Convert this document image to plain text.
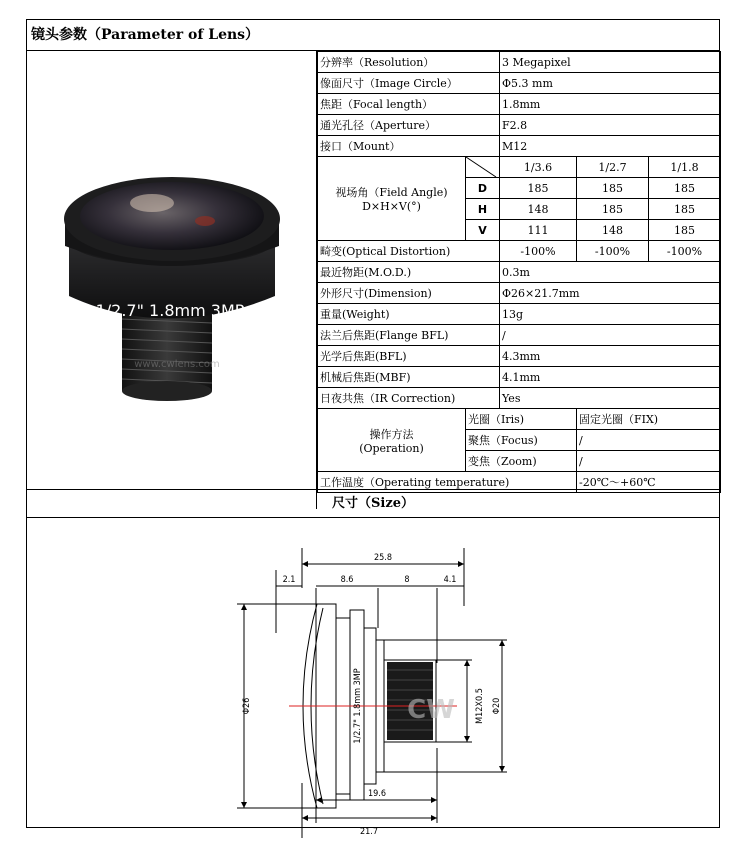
镜头参数（Parameter of Lens）
1/2.7" 1.8mm 3MP
www.cwlens.com
分辨率（Resolution）		3 Megapixel		
像面尺寸（Image Circle）		Φ5.3 mm		
焦距（Focal length）		1.8mm		
通光孔径（Aperture）		F2.8		
接口（Mount）		M12		

视场角（Field Angle)
D×H×V(°)		1/3.6	1/2.7	1/1.8
	D	185	185	185
	H	148	185	185
	V	111	148	185
畸变(Optical Distortion)		-100%	-100%	-100%
最近物距(M.O.D.)		0.3m		
外形尺寸(Dimension)		Φ26×21.7mm		
重量(Weight)		13g		
法兰后焦距(Flange BFL)		/		
光学后焦距(BFL)		4.3mm		
机械后焦距(MBF)		4.1mm		
日夜共焦（IR Correction)		Yes		

操作方法
(Operation)	光圈（Iris)		固定光圈（FIX)	
	聚焦（Focus)		/	
	变焦（Zoom)		/	
工作温度（Operating temperature)			-20℃～+60℃	
尺寸（Size）
25.8
2.1	8.6	8	4.1
Φ26	M12X0.5 Φ20
19.6
21.7
1/2.7" 1.8mm 3MP CW
